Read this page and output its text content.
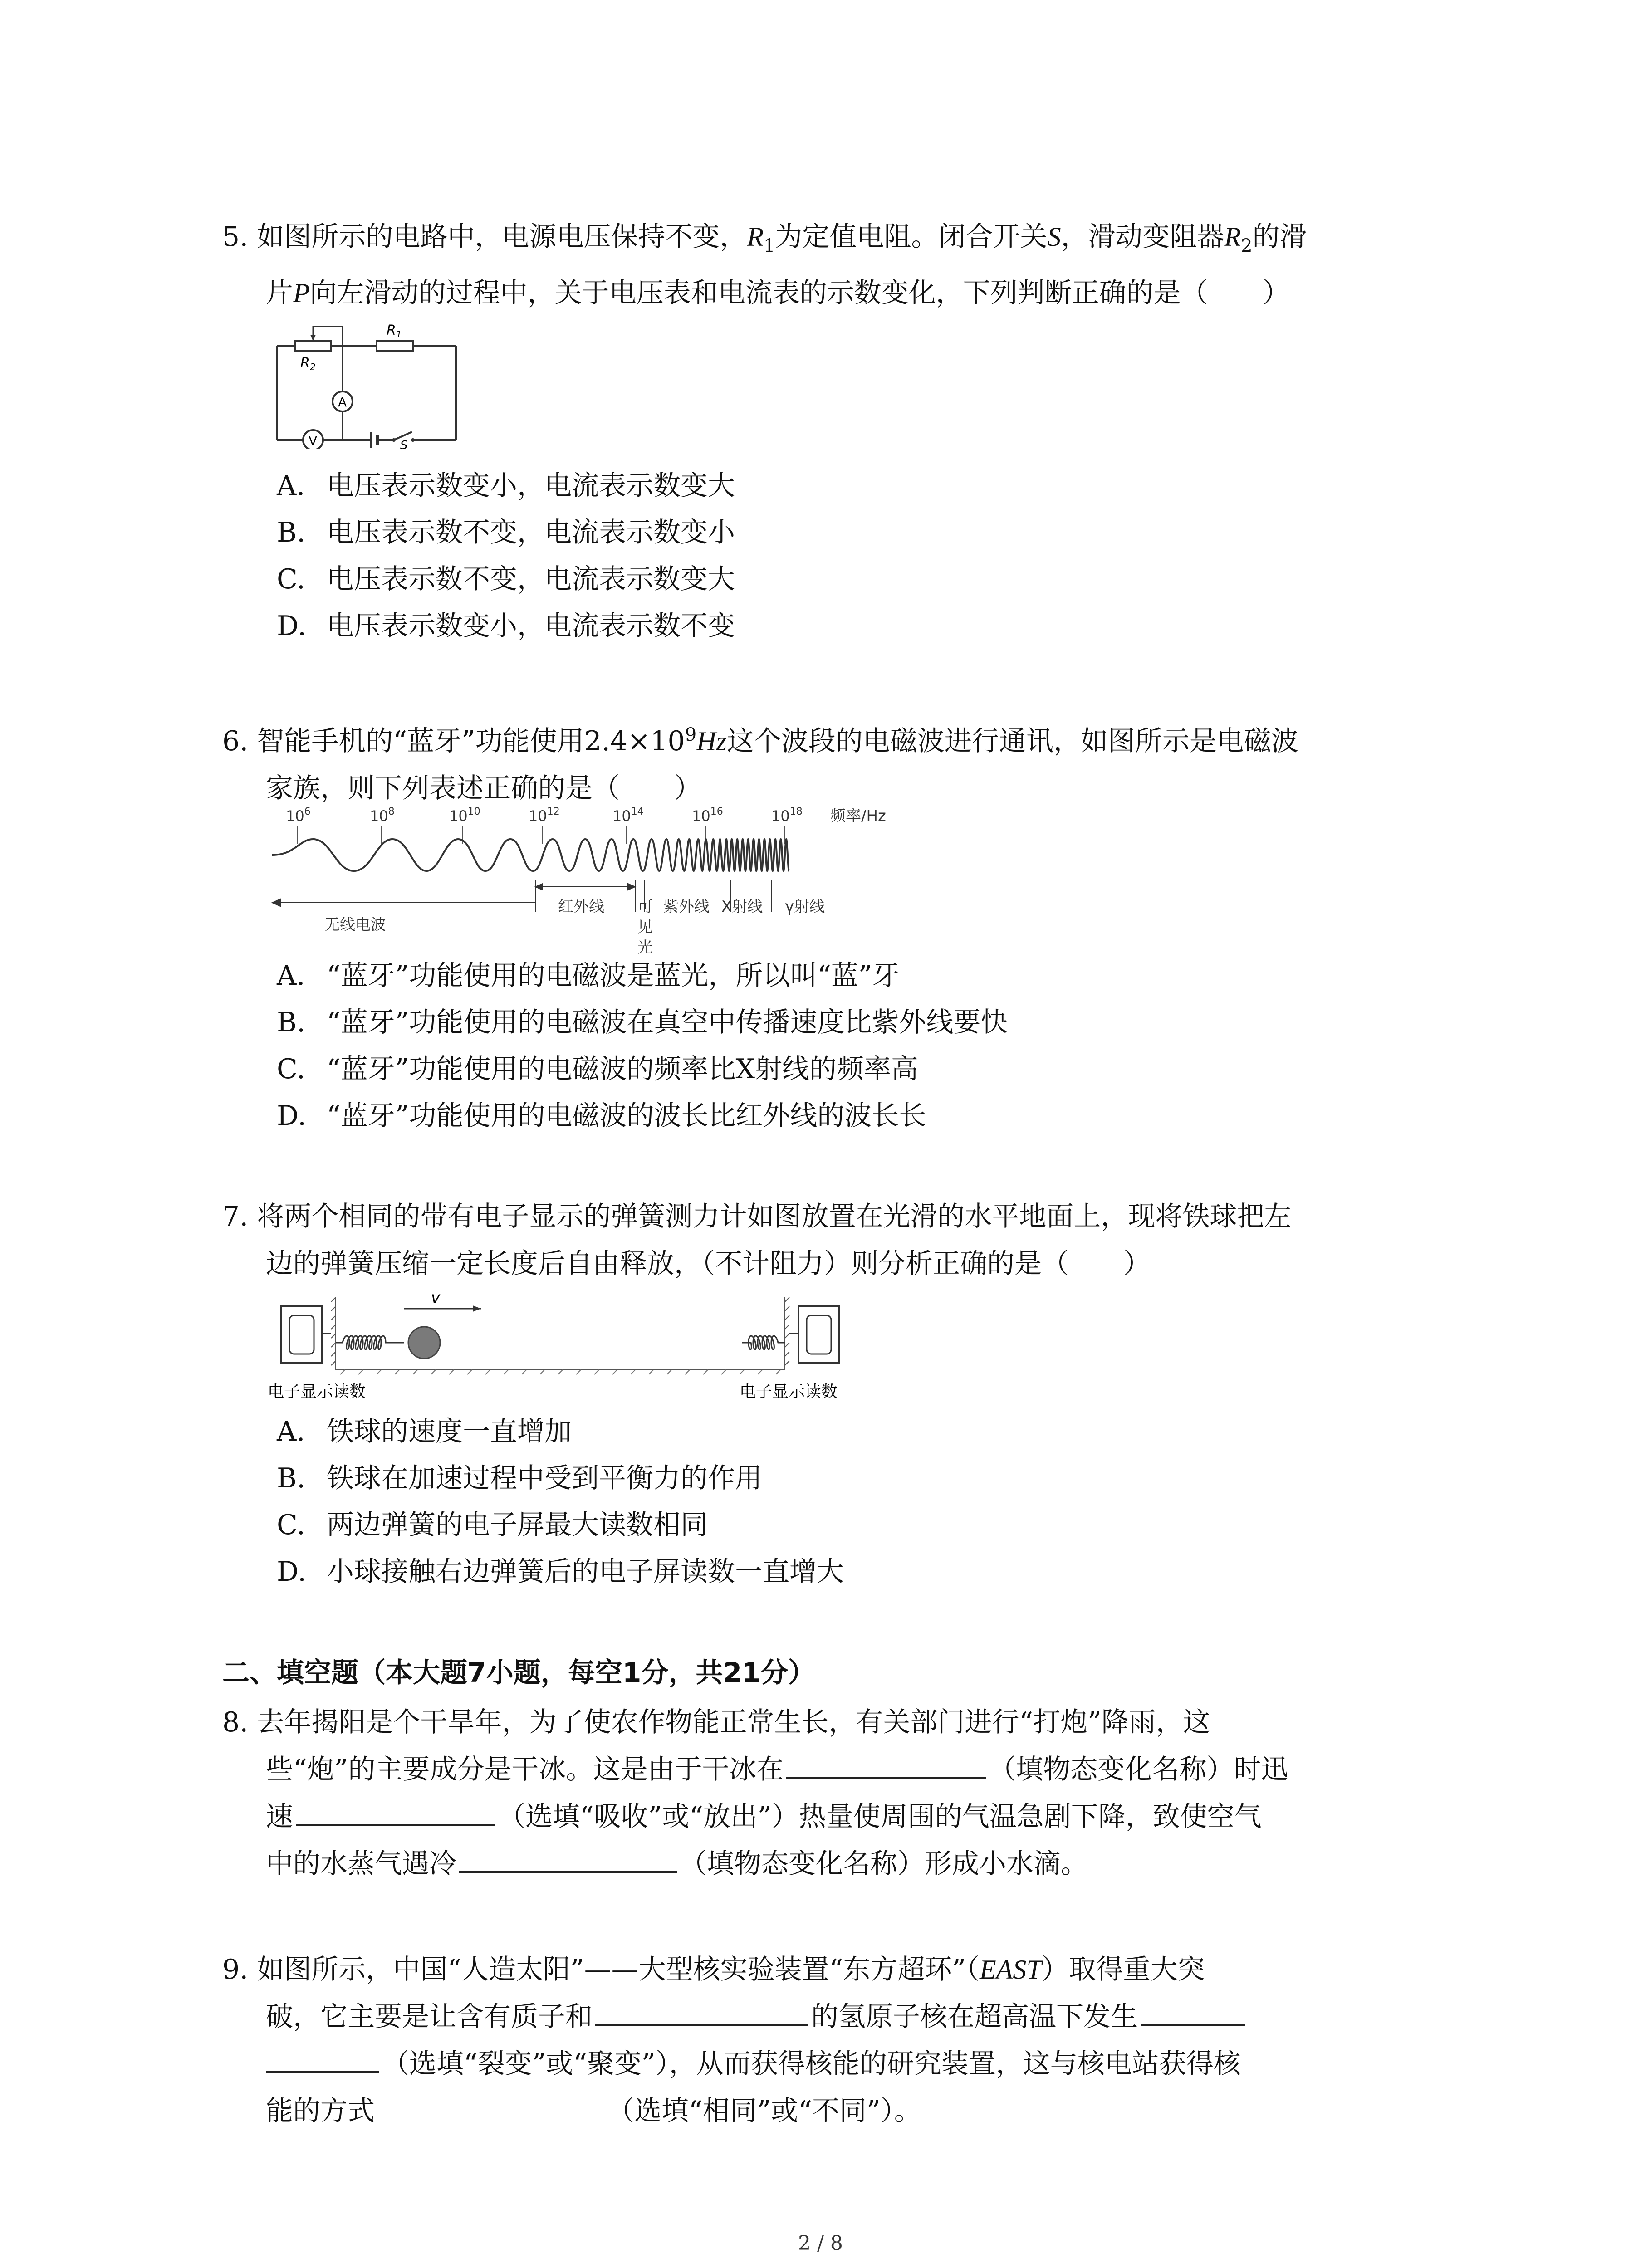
5. 如图所示的电路中，电源电压保持不变，$R_1$为定值电阻。闭合开关S，滑动变阻器$R_2$的滑
片P向左滑动的过程中，关于电压表和电流表的示数变化，下列判断正确的是（　　）
$R_1$
$R_2$
A
V	S
A. 电压表示数变小，电流表示数变大
B. 电压表示数不变，电流表示数变小
C. 电压表示数不变，电流表示数变大
D. 电压表示数变小，电流表示数不变
6. 智能手机的“蓝牙”功能使用$2.4\times 10^9Hz$这个波段的电磁波进行通讯，如图所示是电磁波
家族，则下列表述正确的是（　　）
$10^6$	$10^8$	$10^{10}$	$10^{12}$	$10^{14}$	$10^{16}$	$10^{18}$ 频率/Hz
无线电波
红外线 可
见
光
紫外线 X射线 γ射线
A. “蓝牙”功能使用的电磁波是蓝光，所以叫“蓝”牙
B. “蓝牙”功能使用的电磁波在真空中传播速度比紫外线要快
C. “蓝牙”功能使用的电磁波的频率比X射线的频率高
D. “蓝牙”功能使用的电磁波的波长比红外线的波长长
7. 将两个相同的带有电子显示的弹簧测力计如图放置在光滑的水平地面上，现将铁球把左
边的弹簧压缩一定长度后自由释放，（不计阻力）则分析正确的是（　　）
v
电子显示读数	电子显示读数
A. 铁球的速度一直增加
B. 铁球在加速过程中受到平衡力的作用
C. 两边弹簧的电子屏最大读数相同
D. 小球接触右边弹簧后的电子屏读数一直增大
二、填空题（本大题7小题，每空1分，共21分）
8. 去年揭阳是个干旱年，为了使农作物能正常生长，有关部门进行“打炮”降雨，这
些“炮”的主要成分是干冰。这是由于干冰在	（填物态变化名称）时迅
速	（选填“吸收”或“放出”）热量使周围的气温急剧下降，致使空气
中的水蒸气遇冷	（填物态变化名称）形成小水滴。
9. 如图所示，中国“人造太阳”——大型核实验装置“东方超环”（EAST）取得重大突
破，它主要是让含有质子和	的氢原子核在超高温下发生
（选填“裂变”或“聚变”），从而获得核能的研究装置，这与核电站获得核
能的方式	（选填“相同”或“不同”）。
2 / 8
